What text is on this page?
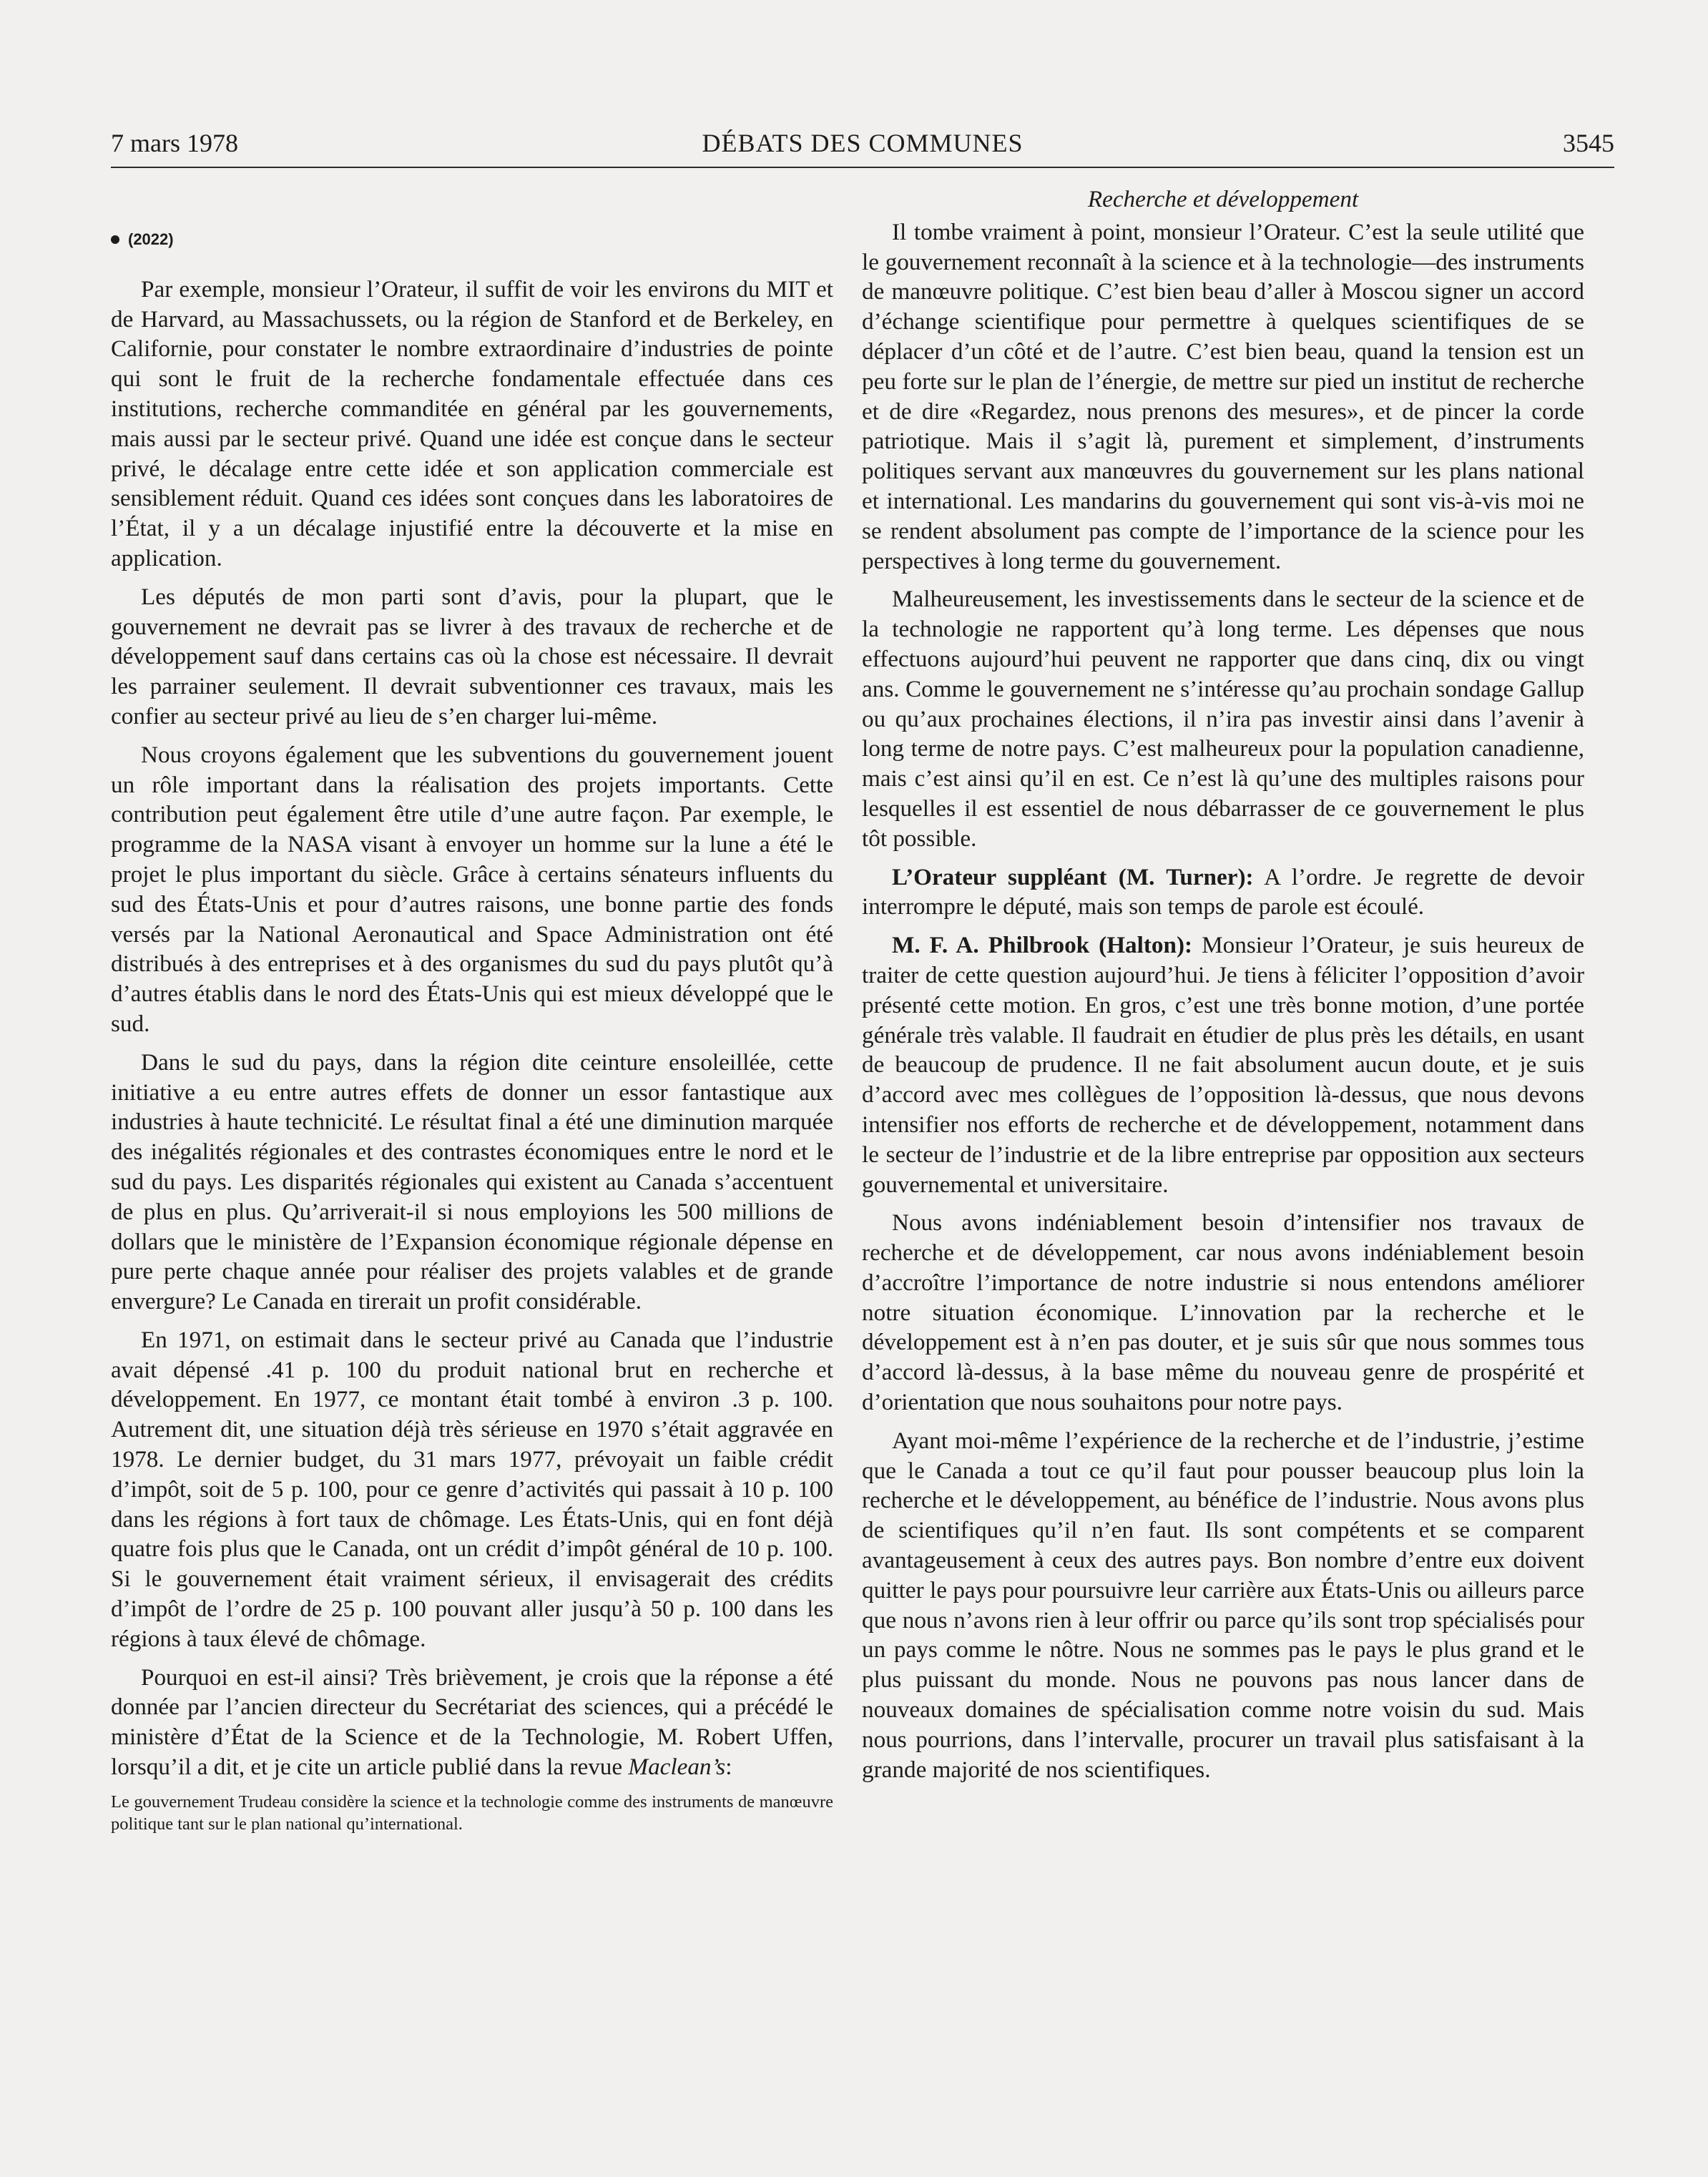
7 mars 1978	DÉBATS DES COMMUNES	3545
(2022)

Par exemple, monsieur l’Orateur, il suffit de voir les environs du MIT et de Harvard, au Massachussets, ou la région de Stanford et de Berkeley, en Californie, pour constater le nombre extraordinaire d’industries de pointe qui sont le fruit de la recherche fondamentale effectuée dans ces institutions, recherche commanditée en général par les gouvernements, mais aussi par le secteur privé. Quand une idée est conçue dans le secteur privé, le décalage entre cette idée et son application commerciale est sensiblement réduit. Quand ces idées sont conçues dans les laboratoires de l’État, il y a un décalage injustifié entre la découverte et la mise en application.

Les députés de mon parti sont d’avis, pour la plupart, que le gouvernement ne devrait pas se livrer à des travaux de recherche et de développement sauf dans certains cas où la chose est nécessaire. Il devrait les parrainer seulement. Il devrait subventionner ces travaux, mais les confier au secteur privé au lieu de s’en charger lui-même.

Nous croyons également que les subventions du gouvernement jouent un rôle important dans la réalisation des projets importants. Cette contribution peut également être utile d’une autre façon. Par exemple, le programme de la NASA visant à envoyer un homme sur la lune a été le projet le plus important du siècle. Grâce à certains sénateurs influents du sud des États-Unis et pour d’autres raisons, une bonne partie des fonds versés par la National Aeronautical and Space Administration ont été distribués à des entreprises et à des organismes du sud du pays plutôt qu’à d’autres établis dans le nord des États-Unis qui est mieux développé que le sud.

Dans le sud du pays, dans la région dite ceinture ensoleillée, cette initiative a eu entre autres effets de donner un essor fantastique aux industries à haute technicité. Le résultat final a été une diminution marquée des inégalités régionales et des contrastes économiques entre le nord et le sud du pays. Les disparités régionales qui existent au Canada s’accentuent de plus en plus. Qu’arriverait-il si nous employions les 500 millions de dollars que le ministère de l’Expansion économique régionale dépense en pure perte chaque année pour réaliser des projets valables et de grande envergure? Le Canada en tirerait un profit considérable.

En 1971, on estimait dans le secteur privé au Canada que l’industrie avait dépensé .41 p. 100 du produit national brut en recherche et développement. En 1977, ce montant était tombé à environ .3 p. 100. Autrement dit, une situation déjà très sérieuse en 1970 s’était aggravée en 1978. Le dernier budget, du 31 mars 1977, prévoyait un faible crédit d’impôt, soit de 5 p. 100, pour ce genre d’activités qui passait à 10 p. 100 dans les régions à fort taux de chômage. Les États-Unis, qui en font déjà quatre fois plus que le Canada, ont un crédit d’impôt général de 10 p. 100. Si le gouvernement était vraiment sérieux, il envisagerait des crédits d’impôt de l’ordre de 25 p. 100 pouvant aller jusqu’à 50 p. 100 dans les régions à taux élevé de chômage.

Pourquoi en est-il ainsi? Très brièvement, je crois que la réponse a été donnée par l’ancien directeur du Secrétariat des sciences, qui a précédé le ministère d’État de la Science et de la Technologie, M. Robert Uffen, lorsqu’il a dit, et je cite un article publié dans la revue Maclean’s:

Le gouvernement Trudeau considère la science et la technologie comme des instruments de manœuvre politique tant sur le plan national qu’international.

Recherche et développement

Il tombe vraiment à point, monsieur l’Orateur. C’est la seule utilité que le gouvernement reconnaît à la science et à la technologie—des instruments de manœuvre politique. C’est bien beau d’aller à Moscou signer un accord d’échange scientifique pour permettre à quelques scientifiques de se déplacer d’un côté et de l’autre. C’est bien beau, quand la tension est un peu forte sur le plan de l’énergie, de mettre sur pied un institut de recherche et de dire «Regardez, nous prenons des mesures», et de pincer la corde patriotique. Mais il s’agit là, purement et simplement, d’instruments politiques servant aux manœuvres du gouvernement sur les plans national et international. Les mandarins du gouvernement qui sont vis-à-vis moi ne se rendent absolument pas compte de l’importance de la science pour les perspectives à long terme du gouvernement.

Malheureusement, les investissements dans le secteur de la science et de la technologie ne rapportent qu’à long terme. Les dépenses que nous effectuons aujourd’hui peuvent ne rapporter que dans cinq, dix ou vingt ans. Comme le gouvernement ne s’intéresse qu’au prochain sondage Gallup ou qu’aux prochaines élections, il n’ira pas investir ainsi dans l’avenir à long terme de notre pays. C’est malheureux pour la population canadienne, mais c’est ainsi qu’il en est. Ce n’est là qu’une des multiples raisons pour lesquelles il est essentiel de nous débarrasser de ce gouvernement le plus tôt possible.

L’Orateur suppléant (M. Turner): A l’ordre. Je regrette de devoir interrompre le député, mais son temps de parole est écoulé.

M. F. A. Philbrook (Halton): Monsieur l’Orateur, je suis heureux de traiter de cette question aujourd’hui. Je tiens à féliciter l’opposition d’avoir présenté cette motion. En gros, c’est une très bonne motion, d’une portée générale très valable. Il faudrait en étudier de plus près les détails, en usant de beaucoup de prudence. Il ne fait absolument aucun doute, et je suis d’accord avec mes collègues de l’opposition là-dessus, que nous devons intensifier nos efforts de recherche et de développement, notamment dans le secteur de l’industrie et de la libre entreprise par opposition aux secteurs gouvernemental et universitaire.

Nous avons indéniablement besoin d’intensifier nos travaux de recherche et de développement, car nous avons indéniablement besoin d’accroître l’importance de notre industrie si nous entendons améliorer notre situation économique. L’innovation par la recherche et le développement est à n’en pas douter, et je suis sûr que nous sommes tous d’accord là-dessus, à la base même du nouveau genre de prospérité et d’orientation que nous souhaitons pour notre pays.

Ayant moi-même l’expérience de la recherche et de l’industrie, j’estime que le Canada a tout ce qu’il faut pour pousser beaucoup plus loin la recherche et le développement, au bénéfice de l’industrie. Nous avons plus de scientifiques qu’il n’en faut. Ils sont compétents et se comparent avantageusement à ceux des autres pays. Bon nombre d’entre eux doivent quitter le pays pour poursuivre leur carrière aux États-Unis ou ailleurs parce que nous n’avons rien à leur offrir ou parce qu’ils sont trop spécialisés pour un pays comme le nôtre. Nous ne sommes pas le pays le plus grand et le plus puissant du monde. Nous ne pouvons pas nous lancer dans de nouveaux domaines de spécialisation comme notre voisin du sud. Mais nous pourrions, dans l’intervalle, procurer un travail plus satisfaisant à la grande majorité de nos scientifiques.
